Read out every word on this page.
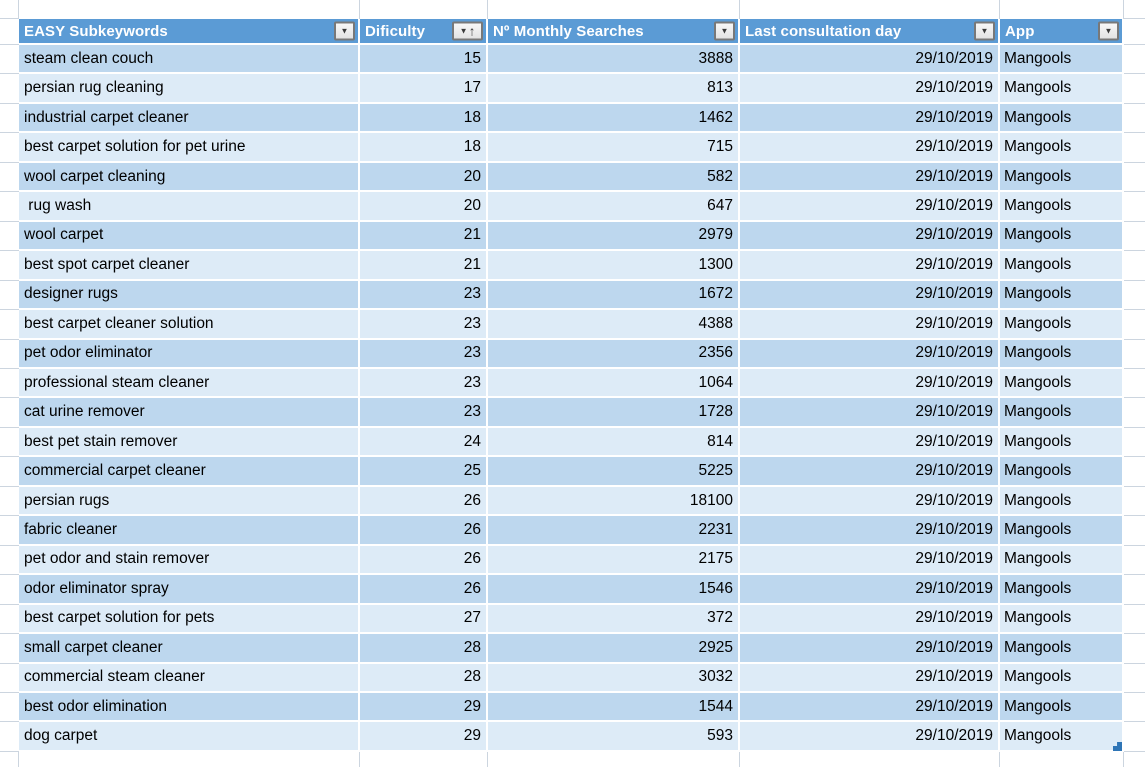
EASY Subkeywords	▼ Dificulty	▼ ↑ Nº Monthly Searches	▼ Last consultation day	▼ App	▼
steam clean couch	15	3888	29/10/2019 Mangools
persian rug cleaning	17	813	29/10/2019 Mangools
industrial carpet cleaner	18	1462	29/10/2019 Mangools
best carpet solution for pet urine	18	715	29/10/2019 Mangools
wool carpet cleaning	20	582	29/10/2019 Mangools
rug wash	20	647	29/10/2019 Mangools
wool carpet	21	2979	29/10/2019 Mangools
best spot carpet cleaner	21	1300	29/10/2019 Mangools
designer rugs	23	1672	29/10/2019 Mangools
best carpet cleaner solution	23	4388	29/10/2019 Mangools
pet odor eliminator	23	2356	29/10/2019 Mangools
professional steam cleaner	23	1064	29/10/2019 Mangools
cat urine remover	23	1728	29/10/2019 Mangools
best pet stain remover	24	814	29/10/2019 Mangools
commercial carpet cleaner	25	5225	29/10/2019 Mangools
persian rugs	26	18100	29/10/2019 Mangools
fabric cleaner	26	2231	29/10/2019 Mangools
pet odor and stain remover	26	2175	29/10/2019 Mangools
odor eliminator spray	26	1546	29/10/2019 Mangools
best carpet solution for pets	27	372	29/10/2019 Mangools
small carpet cleaner	28	2925	29/10/2019 Mangools
commercial steam cleaner	28	3032	29/10/2019 Mangools
best odor elimination	29	1544	29/10/2019 Mangools
dog carpet	29	593	29/10/2019 Mangools
